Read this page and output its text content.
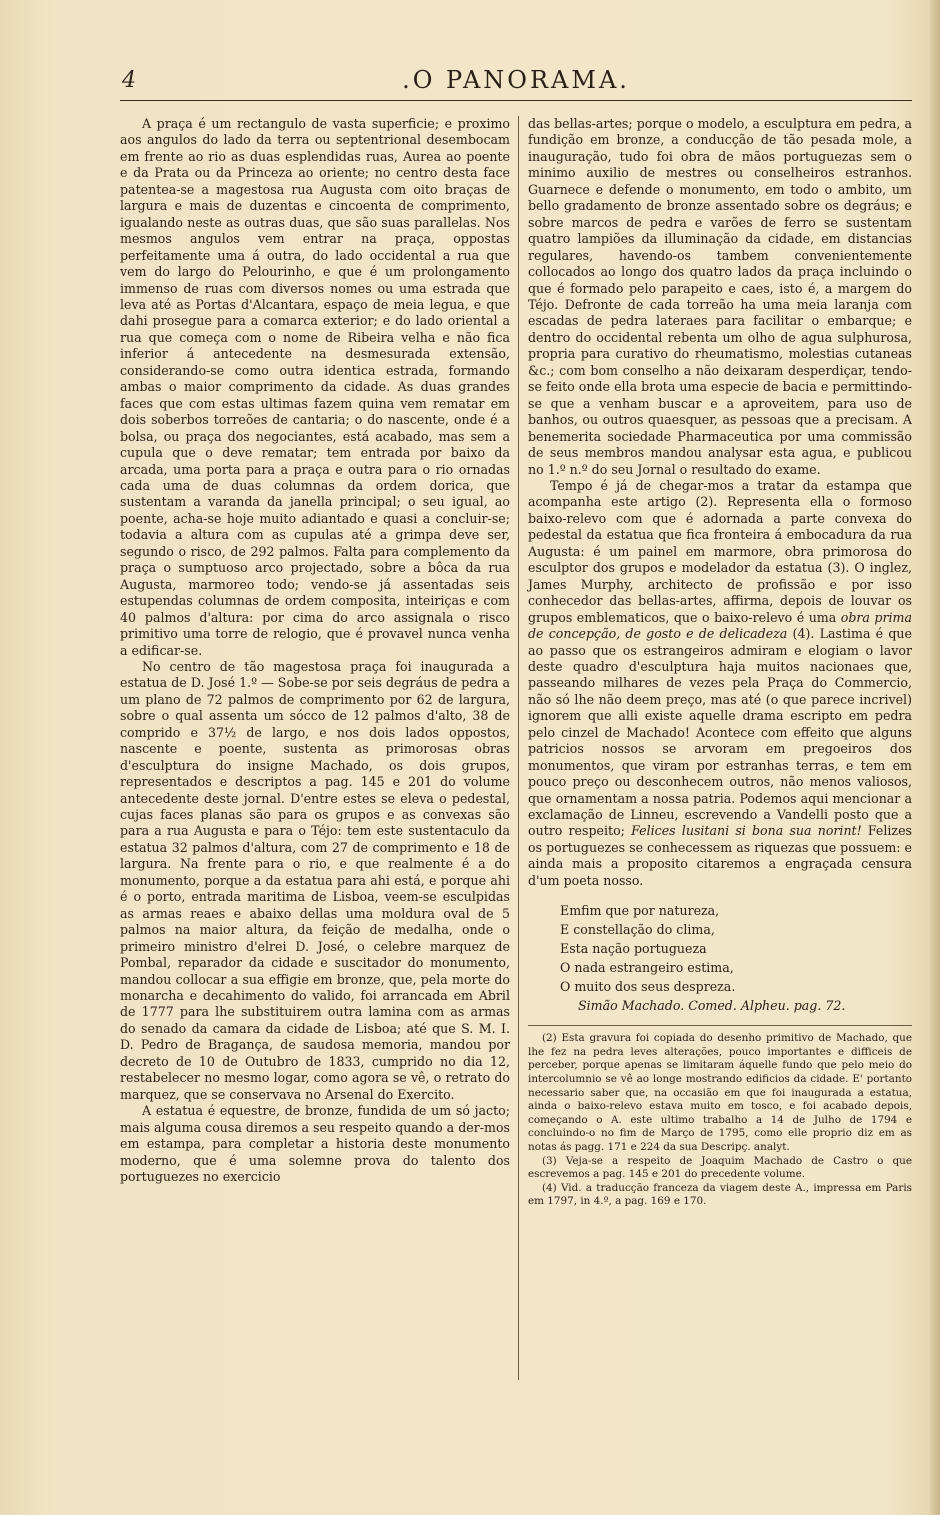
4	.O PANORAMA.

A praça é um rectangulo de vasta superficie; e proximo aos angulos do lado da terra ou septentrional desembocam em frente ao rio as duas esplendidas ruas, Aurea ao poente e da Prata ou da Princeza ao oriente; no centro desta face patentea-se a magestosa rua Augusta com oito braças de largura e mais de duzentas e cincoenta de comprimento, igualando neste as outras duas, que são suas parallelas. Nos mesmos angulos vem entrar na praça, oppostas perfeitamente uma á outra, do lado occidental a rua que vem do largo do Pelourinho, e que é um prolongamento immenso de ruas com diversos nomes ou uma estrada que leva até as Portas d'Alcantara, espaço de meia legua, e que dahi prosegue para a comarca exterior; e do lado oriental a rua que começa com o nome de Ribeira velha e não fica inferior á antecedente na desmesurada extensão, considerando-se como outra identica estrada, formando ambas o maior comprimento da cidade. As duas grandes faces que com estas ultimas fazem quina vem rematar em dois soberbos torreões de cantaria; o do nascente, onde é a bolsa, ou praça dos negociantes, está acabado, mas sem a cupula que o deve rematar; tem entrada por baixo da arcada, uma porta para a praça e outra para o rio ornadas cada uma de duas columnas da ordem dorica, que sustentam a varanda da janella principal; o seu igual, ao poente, acha-se hoje muito adiantado e quasi a concluir-se; todavia a altura com as cupulas até a grimpa deve ser, segundo o risco, de 292 palmos. Falta para complemento da praça o sumptuoso arco projectado, sobre a bôca da rua Augusta, marmoreo todo; vendo-se já assentadas seis estupendas columnas de ordem composita, inteiriças e com 40 palmos d'altura: por cima do arco assignala o risco primitivo uma torre de relogio, que é provavel nunca venha a edificar-se.

No centro de tão magestosa praça foi inaugurada a estatua de D. José 1.º — Sobe-se por seis degráus de pedra a um plano de 72 palmos de comprimento por 62 de largura, sobre o qual assenta um sócco de 12 palmos d'alto, 38 de comprido e 37½ de largo, e nos dois lados oppostos, nascente e poente, sustenta as primorosas obras d'esculptura do insigne Machado, os dois grupos, representados e descriptos a pag. 145 e 201 do volume antecedente deste jornal. D'entre estes se eleva o pedestal, cujas faces planas são para os grupos e as convexas são para a rua Augusta e para o Téjo: tem este sustentaculo da estatua 32 palmos d'altura, com 27 de comprimento e 18 de largura. Na frente para o rio, e que realmente é a do monumento, porque a da estatua para ahi está, e porque ahi é o porto, entrada maritima de Lisboa, veem-se esculpidas as armas reaes e abaixo dellas uma moldura oval de 5 palmos na maior altura, da feição de medalha, onde o primeiro ministro d'elrei D. José, o celebre marquez de Pombal, reparador da cidade e suscitador do monumento, mandou collocar a sua effigie em bronze, que, pela morte do monarcha e decahimento do valido, foi arrancada em Abril de 1777 para lhe substituirem outra lamina com as armas do senado da camara da cidade de Lisboa; até que S. M. I. D. Pedro de Bragança, de saudosa memoria, mandou por decreto de 10 de Outubro de 1833, cumprido no dia 12, restabelecer no mesmo logar, como agora se vê, o retrato do marquez, que se conservava no Arsenal do Exercito.

A estatua é equestre, de bronze, fundida de um só jacto; mais alguma cousa diremos a seu respeito quando a der-mos em estampa, para completar a historia deste monumento moderno, que é uma solemne prova do talento dos portuguezes no exercicio

das bellas-artes; porque o modelo, a esculptura em pedra, a fundição em bronze, a conducção de tão pesada mole, a inauguração, tudo foi obra de mãos portuguezas sem o minimo auxilio de mestres ou conselheiros estranhos. Guarnece e defende o monumento, em todo o ambito, um bello gradamento de bronze assentado sobre os degráus; e sobre marcos de pedra e varões de ferro se sustentam quatro lampiões da illuminação da cidade, em distancias regulares, havendo-os tambem convenientemente collocados ao longo dos quatro lados da praça incluindo o que é formado pelo parapeito e caes, isto é, a margem do Téjo. Defronte de cada torreão ha uma meia laranja com escadas de pedra lateraes para facilitar o embarque; e dentro do occidental rebenta um olho de agua sulphurosa, propria para curativo do rheumatismo, molestias cutaneas &c.; com bom conselho a não deixaram desperdiçar, tendo-se feito onde ella brota uma especie de bacia e permittindo-se que a venham buscar e a aproveitem, para uso de banhos, ou outros quaesquer, as pessoas que a precisam. A benemerita sociedade Pharmaceutica por uma commissão de seus membros mandou analysar esta agua, e publicou no 1.º n.º do seu Jornal o resultado do exame.

Tempo é já de chegar-mos a tratar da estampa que acompanha este artigo (2). Representa ella o formoso baixo-relevo com que é adornada a parte convexa do pedestal da estatua que fica fronteira á embocadura da rua Augusta: é um painel em marmore, obra primorosa do esculptor dos grupos e modelador da estatua (3). O inglez, James Murphy, architecto de profissão e por isso conhecedor das bellas-artes, affirma, depois de louvar os grupos emblematicos, que o baixo-relevo é uma obra prima de concepção, de gosto e de delicadeza (4). Lastima é que ao passo que os estrangeiros admiram e elogiam o lavor deste quadro d'esculptura haja muitos nacionaes que, passeando milhares de vezes pela Praça do Commercio, não só lhe não deem preço, mas até (o que parece incrivel) ignorem que alli existe aquelle drama escripto em pedra pelo cinzel de Machado! Acontece com effeito que alguns patricios nossos se arvoram em pregoeiros dos monumentos, que viram por estranhas terras, e tem em pouco preço ou desconhecem outros, não menos valiosos, que ornamentam a nossa patria. Podemos aqui mencionar a exclamação de Linneu, escrevendo a Vandelli posto que a outro respeito; Felices lusitani si bona sua norint! Felizes os portuguezes se conhecessem as riquezas que possuem: e ainda mais a proposito citaremos a engraçada censura d'um poeta nosso.

Emfim que por natureza,
E constellação do clima,
Esta nação portugueza
O nada estrangeiro estima,
O muito dos seus despreza.
Simão Machado. Comed. Alpheu. pag. 72.

(2) Esta gravura foi copiada do desenho primitivo de Machado, que lhe fez na pedra leves alterações, pouco importantes e difficeis de perceber, porque apenas se limitaram áquelle fundo que pelo meio do intercolumnio se vê ao longe mostrando edificios da cidade. E' portanto necessario saber que, na occasião em que foi inaugurada a estatua, ainda o baixo-relevo estava muito em tosco, e foi acabado depois, começando o A. este ultimo trabalho a 14 de Julho de 1794 e concluindo-o no fim de Março de 1795, como elle proprio diz em as notas ás pagg. 171 e 224 da sua Descripç. analyt.

(3) Veja-se a respeito de Joaquim Machado de Castro o que escrevemos a pag. 145 e 201 do precedente volume.

(4) Vid. a traducção franceza da viagem deste A., impressa em Paris em 1797, in 4.º, a pag. 169 e 170.
